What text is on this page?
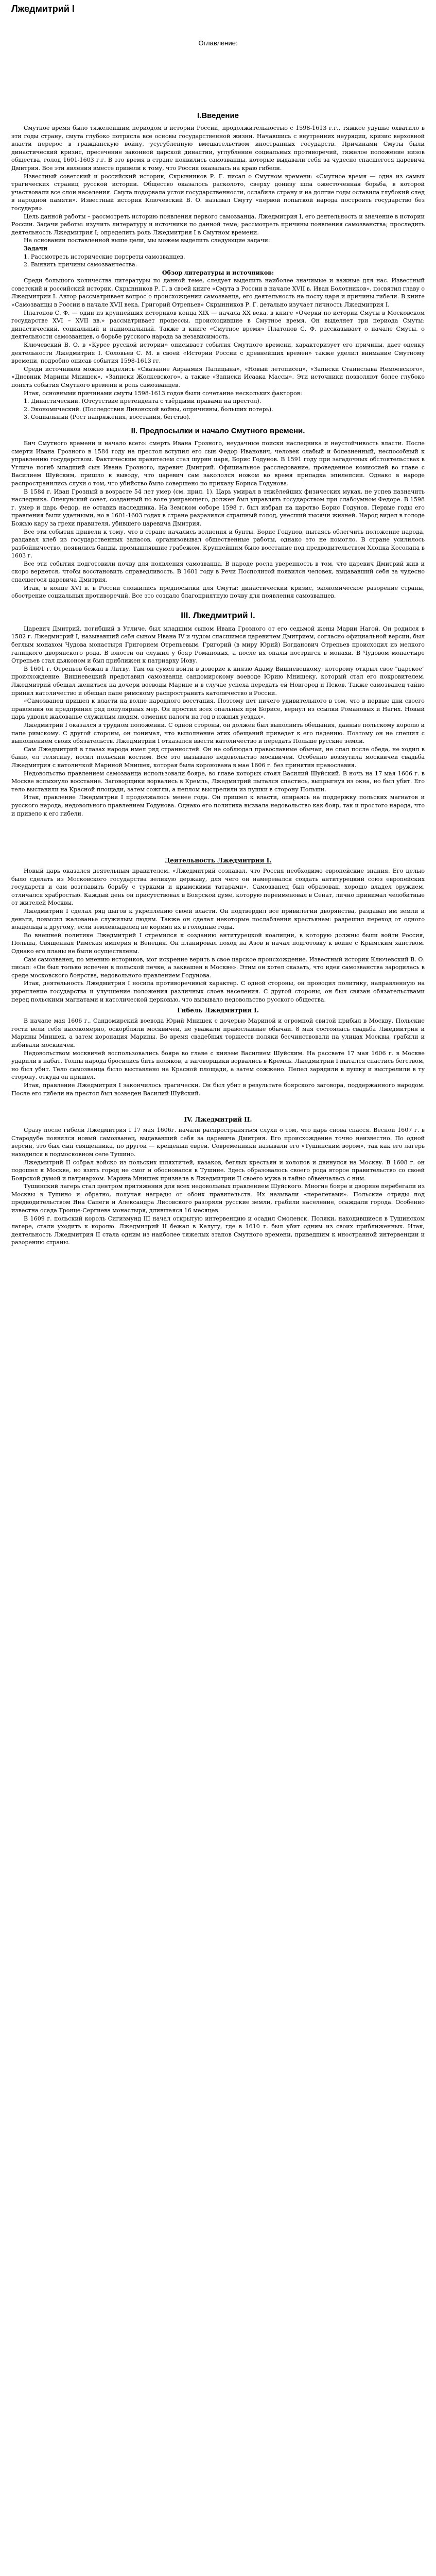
Лжедмитрий I
Оглавление:
I.Введение

Смутное время было тяжелейшим периодом в истории России, продолжительностью с 1598-1613 г.г., тяжкое удушье охватило в эти годы страну, смута глубоко потрясла все основы государственной жизни. Начавшись с внутренних неурядиц, кризис верховной власти перерос в гражданскую войну, усугубленную вмешательством иностранных государств. Причинами Смуты были династический кризис, пресечение законной царской династии, углубление социальных противоречий, тяжелое положение низов общества, голод 1601-1603 г.г. В это время в стране появились самозванцы, которые выдавали себя за чудесно спасшегося царевича Дмитрия. Все эти явления вместе привели к тому, что Россия оказалась на краю гибели.

Известный советский и российский историк, Скрынников Р. Г. писал о Смутном времени: «Смутное время — одна из самых трагических страниц русской истории. Общество оказалось расколото, сверху донизу шла ожесточенная борьба, в которой участвовали все слои населения. Смута подорвала устои государственности, ослабила страну и на долгие годы оставила глубокий след в народной памяти». Известный историк Ключевский В. О. называл Смуту «первой попыткой народа построить государство без государя».

Цель данной работы – рассмотреть историю появления первого самозванца, Лжедмитрия I, его деятельность и значение в истории России. Задачи работы: изучить литературу и источники по данной теме; рассмотреть причины появления самозванства; проследить деятельность Лжедмитрия I; определить роль Лжедмитрия I в Смутном времени.

На основании поставленной выше цели, мы можем выделить следующие задачи:

Задачи

1. Рассмотреть исторические портреты самозванцев.

2. Выявить причины самозванчества.

Обзор литературы и источников:

Среди большого количества литературы по данной теме, следует выделить наиболее значимые и важные для нас. Известный советский и российский историк, Скрынников Р. Г. в своей книге «Смута в России в начале XVII в. Иван Болотников», посвятил главу о Лжедмитрии I. Автор рассматривает вопрос о происхождении самозванца, его деятельность на посту царя и причины гибели. В книге «Самозванцы в России в начале XVII века. Григорий Отрепьев» Скрынников Р. Г. детально изучает личность Лжедмитрия I.

Платонов С. Ф. — один из крупнейших историков конца XIX — начала XX века, в книге «Очерки по истории Смуты в Московском государстве XVI – XVII вв.» рассматривает процессы, происходившие в Смутное время. Он выделяет три периода Смуты: династический, социальный и национальный. Также в книге «Смутное время» Платонов С. Ф. рассказывает о начале Смуты, о деятельности самозванцев, о борьбе русского народа за независимость.

Ключевский В. О. в «Курсе русской истории» описывает события Смутного времени, характеризует его причины, дает оценку деятельности Лжедмитрия I. Соловьев С. М. в своей «Истории России с древнейших времен» также уделил внимание Смутному времени, подробно описав события 1598-1613 гг.

Среди источников можно выделить «Сказание Авраамия Палицына», «Новый летописец», «Записки Станислава Немоевского», «Дневник Марины Мнишек», «Записки Жолкевского», а также «Записки Исаака Массы». Эти источники позволяют более глубоко понять события Смутного времени и роль самозванцев.

Итак, основными причинами смуты 1598-1613 годов были сочетание нескольких факторов:

1. Династический. (Отсутствие претендента с твёрдыми правами на престол).

2. Экономический. (Последствия Ливонской войны, опричнины, больших потерь).

3. Социальный (Рост напряжения, восстания, бегство).

II. Предпосылки и начало Смутного времени.

Бич Смутного времени и начало всего: смерть Ивана Грозного, неудачные поиски наследника и неустойчивость власти. После смерти Ивана Грозного в 1584 году на престол вступил его сын Федор Иванович, человек слабый и болезненный, неспособный к управлению государством. Фактическим правителем стал шурин царя, Борис Годунов. В 1591 году при загадочных обстоятельствах в Угличе погиб младший сын Ивана Грозного, царевич Дмитрий. Официальное расследование, проведенное комиссией во главе с Василием Шуйским, пришло к выводу, что царевич сам закололся ножом во время припадка эпилепсии. Однако в народе распространились слухи о том, что убийство было совершено по приказу Бориса Годунова.

В 1584 г. Иван Грозный в возрасте 54 лет умер (см. прил. 1). Царь умирал в тяжёлейших физических муках, не успев назначить наследника. Опекунский совет, созданный по воле умирающего, должен был управлять государством при слабоумном Федоре. В 1598 г. умер и царь Федор, не оставив наследника. На Земском соборе 1598 г. был избран на царство Борис Годунов. Первые годы его правления были удачными, но в 1601-1603 годах в стране разразился страшный голод, унесший тысячи жизней. Народ видел в голоде Божью кару за грехи правителя, убившего царевича Дмитрия.

Все эти события привели к тому, что в стране начались волнения и бунты. Борис Годунов, пытаясь облегчить положение народа, раздавал хлеб из государственных запасов, организовывал общественные работы, однако это не помогло. В стране усилилось разбойничество, появились банды, промышлявшие грабежом. Крупнейшим было восстание под предводительством Хлопка Косолапа в 1603 г.

Все эти события подготовили почву для появления самозванца. В народе росла уверенность в том, что царевич Дмитрий жив и скоро вернется, чтобы восстановить справедливость. В 1601 году в Речи Посполитой появился человек, выдававший себя за чудесно спасшегося царевича Дмитрия.

Итак, в конце XVI в. в России сложились предпосылки для Смуты: династический кризис, экономическое разорение страны, обострение социальных противоречий. Все это создало благоприятную почву для появления самозванцев.

III. Лжедмитрий I.

Царевич Дмитрий, погибший в Угличе, был младшим сыном Ивана Грозного от его седьмой жены Марии Нагой. Он родился в 1582 г. Лжедмитрий I, называвший себя сыном Ивана IV и чудом спасшимся царевичем Дмитрием, согласно официальной версии, был беглым монахом Чудова монастыря Григорием Отрепьевым. Григорий (в миру Юрий) Богданович Отрепьев происходил из мелкого галицкого дворянского рода. В юности он служил у бояр Романовых, а после их опалы постригся в монахи. В Чудовом монастыре Отрепьев стал дьяконом и был приближен к патриарху Иову.

В 1601 г. Отрепьев бежал в Литву. Там он сумел войти в доверие к князю Адаму Вишневецкому, которому открыл свое "царское" происхождение. Вишневецкий представил самозванца сандомирскому воеводе Юрию Мнишеку, который стал его покровителем. Лжедмитрий обещал жениться на дочери воеводы Марине и в случае успеха передать ей Новгород и Псков. Также самозванец тайно принял католичество и обещал папе римскому распространить католичество в России.

«Самозванец пришел к власти на волне народного восстания. Поэтому нет ничего удивительного в том, что в первые дни своего правления он предпринял ряд популярных мер. Он простил всех опальных при Борисе, вернул из ссылки Романовых и Нагих. Новый царь удвоил жалованье служилым людям, отменил налоги на год в южных уездах».

Лжедмитрий I оказался в трудном положении. С одной стороны, он должен был выполнить обещания, данные польскому королю и папе римскому. С другой стороны, он понимал, что выполнение этих обещаний приведет к его падению. Поэтому он не спешил с выполнением своих обязательств. Лжедмитрий I отказался ввести католичество и передать Польше русские земли.

Сам Лжедмитрий в глазах народа имел ряд странностей. Он не соблюдал православные обычаи, не спал после обеда, не ходил в баню, ел телятину, носил польский костюм. Все это вызывало недовольство москвичей. Особенно возмутила москвичей свадьба Лжедмитрия с католичкой Мариной Мнишек, которая была коронована в мае 1606 г. без принятия православия.

Недовольство правлением самозванца использовали бояре, во главе которых стоял Василий Шуйский. В ночь на 17 мая 1606 г. в Москве вспыхнуло восстание. Заговорщики ворвались в Кремль, Лжедмитрий пытался спастись, выпрыгнув из окна, но был убит. Его тело выставили на Красной площади, затем сожгли, а пеплом выстрелили из пушки в сторону Польши.

Итак, правление Лжедмитрия I продолжалось менее года. Он пришел к власти, опираясь на поддержку польских магнатов и русского народа, недовольного правлением Годунова. Однако его политика вызвала недовольство как бояр, так и простого народа, что и привело к его гибели.

Деятельность Лжедмитрия I.

Новый царь оказался деятельным правителем. «Лжедмитрий сознавал, что Россия необходимо европейские знания. Его целью было сделать из Московского государства великую державу, для чего он намеревался создать антитурецкий союз европейских государств и сам возглавить борьбу с турками и крымскими татарами». Самозванец был образован, хорошо владел оружием, отличался храбростью. Каждый день он присутствовал в Боярской думе, которую переименовал в Сенат, лично принимал челобитные от жителей Москвы.

Лжедмитрий I сделал ряд шагов к укреплению своей власти. Он подтвердил все привилегии дворянства, раздавал им земли и деньги, повысил жалованье служилым людям. Также он сделал некоторые послабления крестьянам: разрешил переход от одного владельца к другому, если землевладелец не кормил их в голодные годы.

Во внешней политике Лжедмитрий I стремился к созданию антитурецкой коалиции, в которую должны были войти Россия, Польша, Священная Римская империя и Венеция. Он планировал поход на Азов и начал подготовку к войне с Крымским ханством. Однако его планы не были осуществлены.

Сам самозванец, по мнению историков, мог искренне верить в свое царское происхождение. Известный историк Ключевский В. О. писал: «Он был только испечен в польской печке, а заквашен в Москве». Этим он хотел сказать, что идея самозванства зародилась в среде московского боярства, недовольного правлением Годунова.

Итак, деятельность Лжедмитрия I носила противоречивый характер. С одной стороны, он проводил политику, направленную на укрепление государства и улучшение положения различных слоев населения. С другой стороны, он был связан обязательствами перед польскими магнатами и католической церковью, что вызывало недовольство русского общества.

Гибель Лжедмитрия I.

В начале мая 1606 г., Сандомирский воевода Юрий Мнишек с дочерью Мариной и огромной свитой прибыл в Москву. Польские гости вели себя высокомерно, оскорбляли москвичей, не уважали православные обычаи. 8 мая состоялась свадьба Лжедмитрия и Марины Мнишек, а затем коронация Марины. Во время свадебных торжеств поляки бесчинствовали на улицах Москвы, грабили и избивали москвичей.

Недовольством москвичей воспользовались бояре во главе с князем Василием Шуйским. На рассвете 17 мая 1606 г. в Москве ударили в набат. Толпы народа бросились бить поляков, а заговорщики ворвались в Кремль. Лжедмитрий I пытался спастись бегством, но был убит. Тело самозванца было выставлено на Красной площади, а затем сожжено. Пепел зарядили в пушку и выстрелили в ту сторону, откуда он пришел.

Итак, правление Лжедмитрия I закончилось трагически. Он был убит в результате боярского заговора, поддержанного народом. После его гибели на престол был возведен Василий Шуйский.

IV. Лжедмитрий II.

Сразу после гибели Лжедмитрия I 17 мая 1606г. начали распространяться слухи о том, что царь снова спасся. Весной 1607 г. в Стародубе появился новый самозванец, выдававший себя за царевича Дмитрия. Его происхождение точно неизвестно. По одной версии, это был сын священника, по другой — крещеный еврей. Современники называли его «Тушинским вором», так как его лагерь находился в подмосковном селе Тушино.

Лжедмитрий II собрал войско из польских шляхтичей, казаков, беглых крестьян и холопов и двинулся на Москву. В 1608 г. он подошел к Москве, но взять город не смог и обосновался в Тушине. Здесь образовалось своего рода второе правительство со своей Боярской думой и патриархом. Марина Мнишек признала в Лжедмитрии II своего мужа и тайно обвенчалась с ним.

Тушинский лагерь стал центром притяжения для всех недовольных правлением Шуйского. Многие бояре и дворяне перебегали из Москвы в Тушино и обратно, получая награды от обоих правительств. Их называли «перелетами». Польские отряды под предводительством Яна Сапеги и Александра Лисовского разоряли русские земли, грабили население, осаждали города. Особенно известна осада Троице-Сергиева монастыря, длившаяся 16 месяцев.

В 1609 г. польский король Сигизмунд III начал открытую интервенцию и осадил Смоленск. Поляки, находившиеся в Тушинском лагере, стали уходить к королю. Лжедмитрий II бежал в Калугу, где в 1610 г. был убит одним из своих приближенных. Итак, деятельность Лжедмитрия II стала одним из наиболее тяжелых этапов Смутного времени, приведшим к иностранной интервенции и разорению страны.
